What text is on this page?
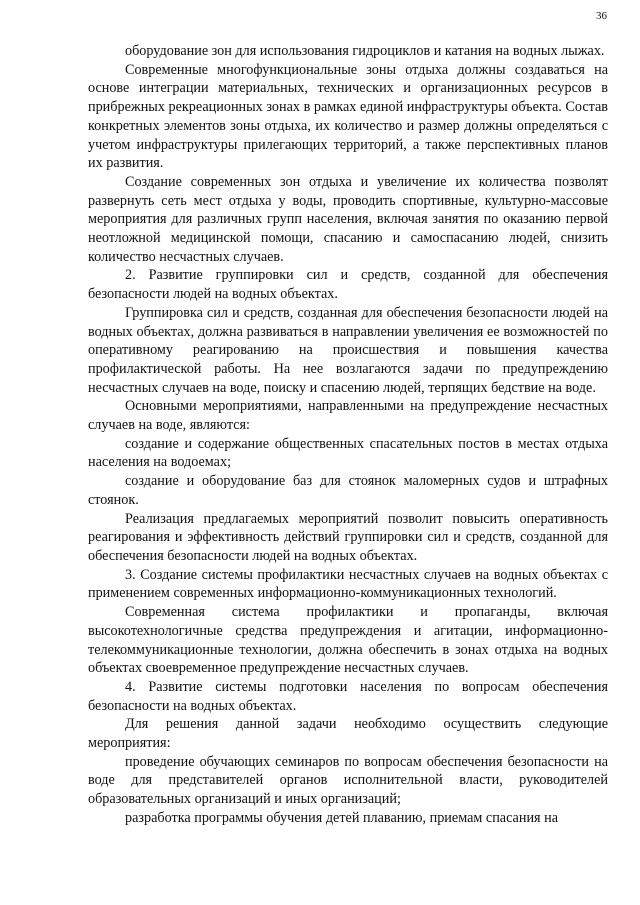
36

оборудование зон для использования гидроциклов и катания на водных лыжах.

Современные многофункциональные зоны отдыха должны создаваться на основе интеграции материальных, технических и организационных ресурсов в прибрежных рекреационных зонах в рамках единой инфраструктуры объекта. Состав конкретных элементов зоны отдыха, их количество и размер должны определяться с учетом инфраструктуры прилегающих территорий, а также перспективных планов их развития.

Создание современных зон отдыха и увеличение их количества позволят развернуть сеть мест отдыха у воды, проводить спортивные, культурно-массовые мероприятия для различных групп населения, включая занятия по оказанию первой неотложной медицинской помощи, спасанию и самоспасанию людей, снизить количество несчастных случаев.

2. Развитие группировки сил и средств, созданной для обеспечения безопасности людей на водных объектах.

Группировка сил и средств, созданная для обеспечения безопасности людей на водных объектах, должна развиваться в направлении увеличения ее возможностей по оперативному реагированию на происшествия и повышения качества профилактической работы. На нее возлагаются задачи по предупреждению несчастных случаев на воде, поиску и спасению людей, терпящих бедствие на воде.

Основными мероприятиями, направленными на предупреждение несчастных случаев на воде, являются:

создание и содержание общественных спасательных постов в местах отдыха населения на водоемах;

создание и оборудование баз для стоянок маломерных судов и штрафных стоянок.

Реализация предлагаемых мероприятий позволит повысить оперативность реагирования и эффективность действий группировки сил и средств, созданной для обеспечения безопасности людей на водных объектах.

3. Создание системы профилактики несчастных случаев на водных объектах с применением современных информационно-коммуникационных технологий.

Современная система профилактики и пропаганды, включая высокотехнологичные средства предупреждения и агитации, информационно-телекоммуникационные технологии, должна обеспечить в зонах отдыха на водных объектах своевременное предупреждение несчастных случаев.

4. Развитие системы подготовки населения по вопросам обеспечения безопасности на водных объектах.

Для решения данной задачи необходимо осуществить следующие мероприятия:

проведение обучающих семинаров по вопросам обеспечения безопасности на воде для представителей органов исполнительной власти, руководителей образовательных организаций и иных организаций;

разработка программы обучения детей плаванию, приемам спасания на
